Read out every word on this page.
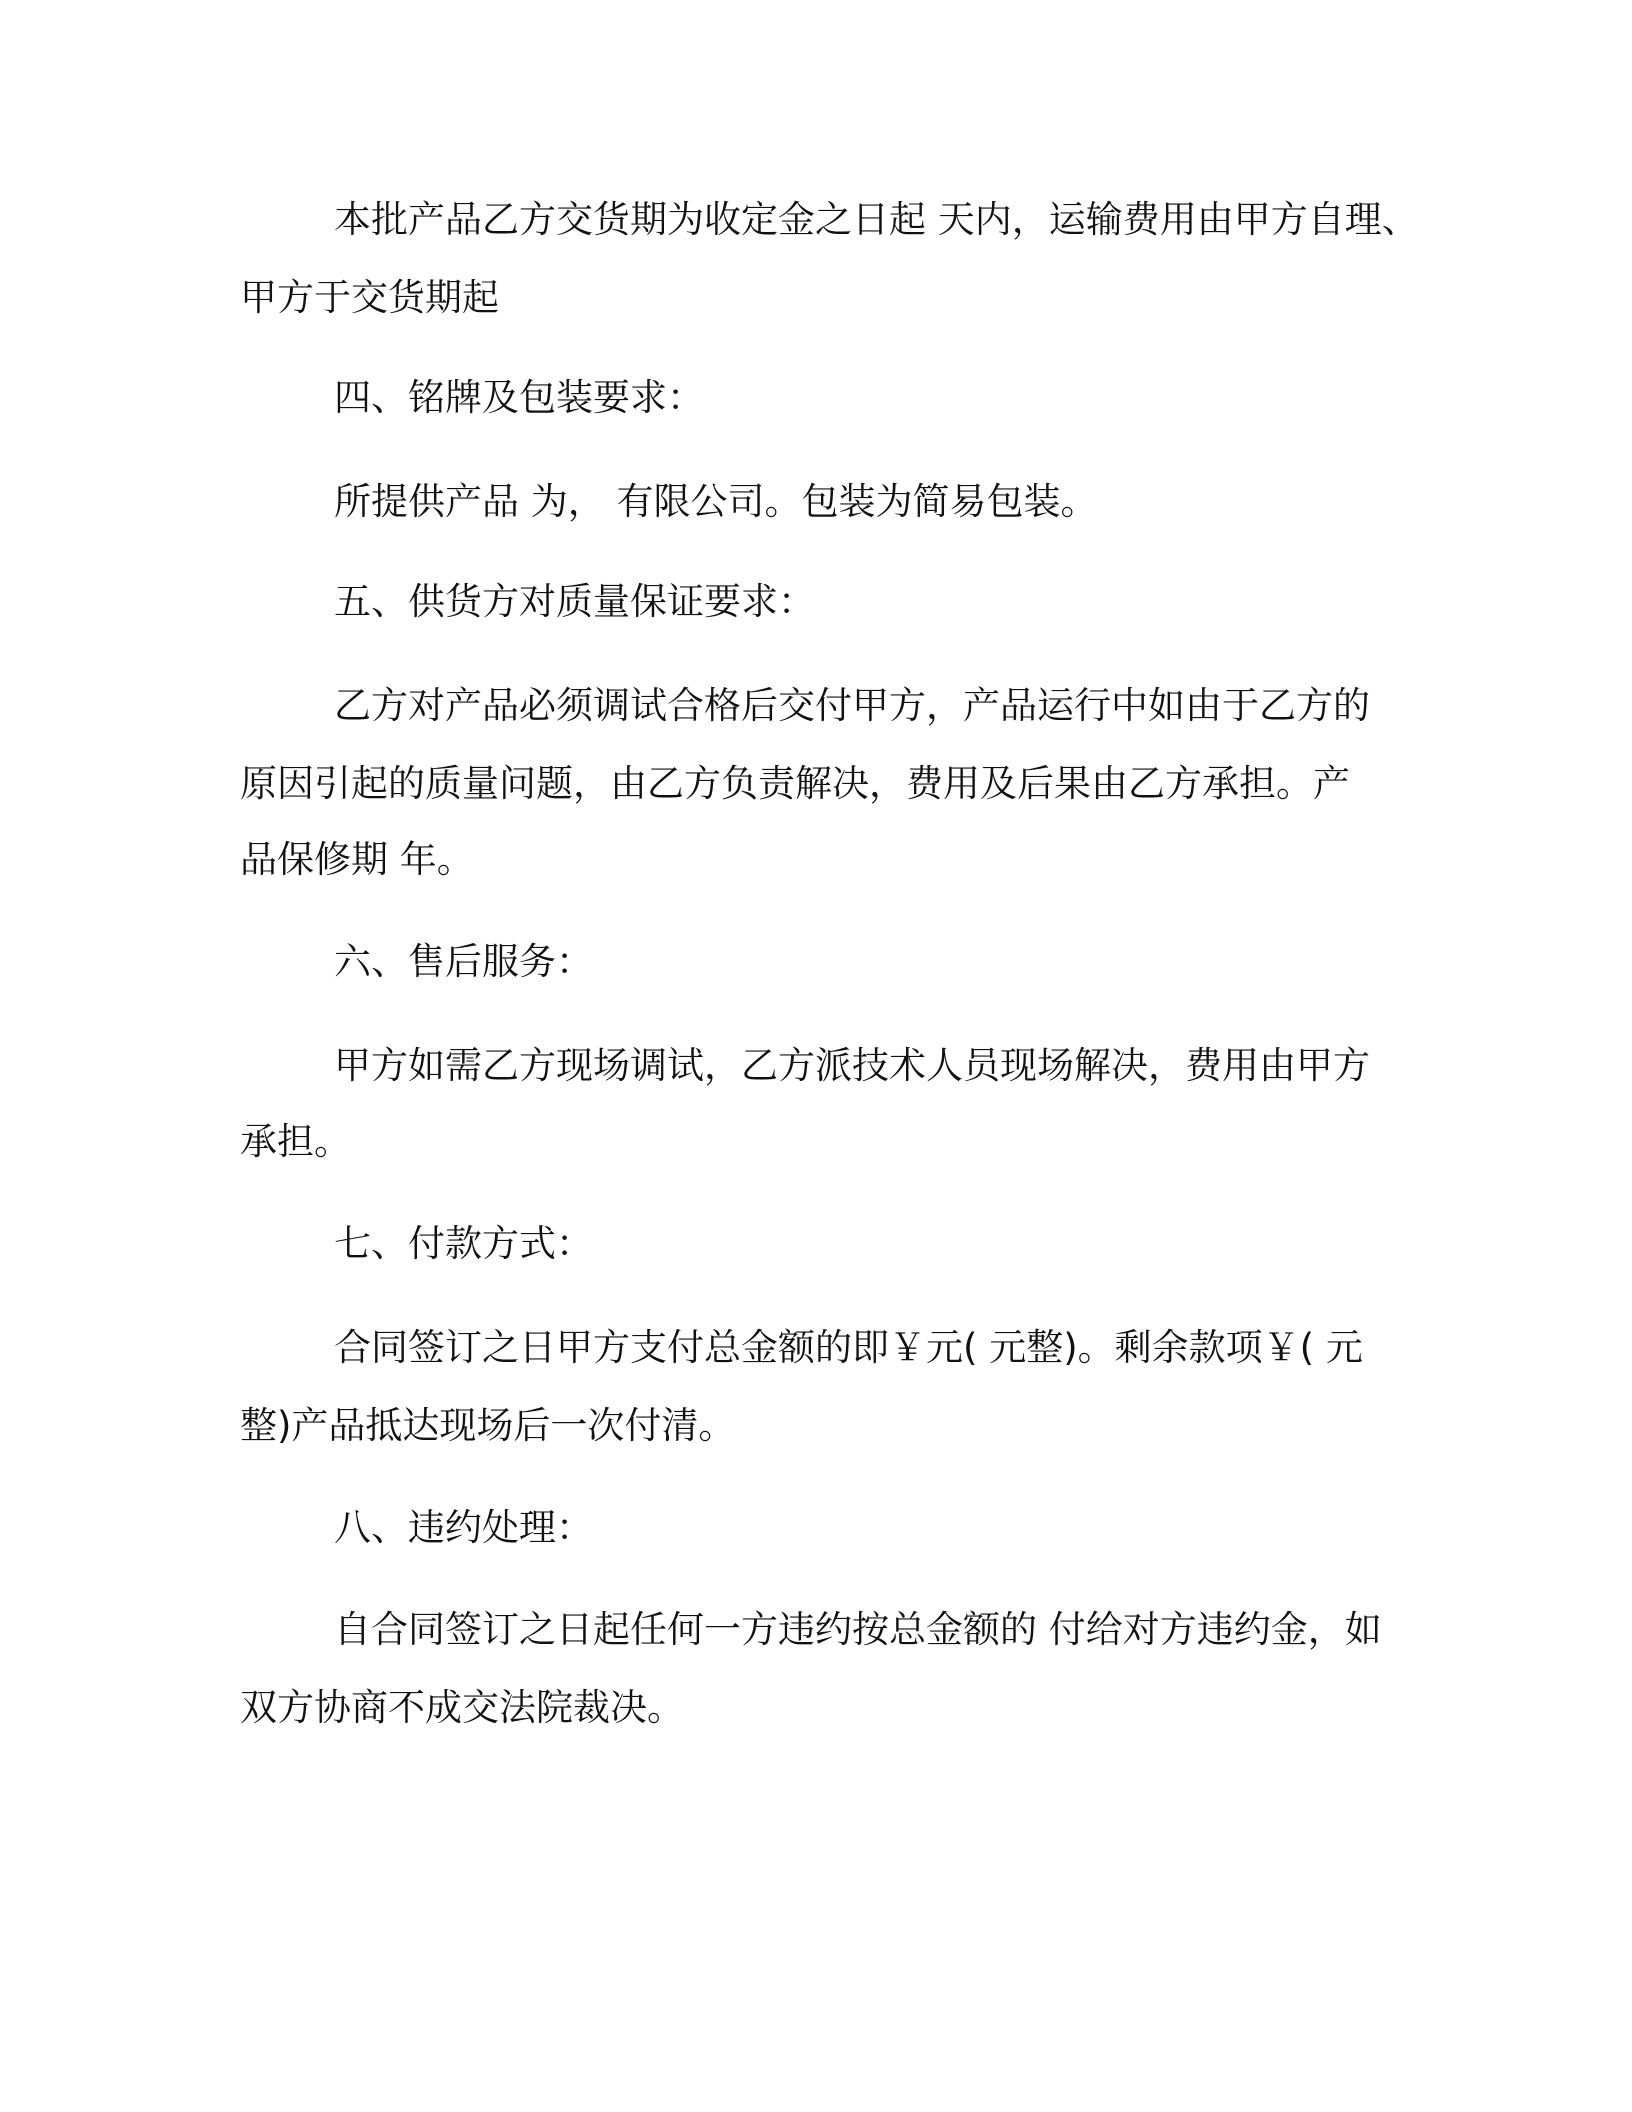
本批产品乙方交货期为收定金之日起 天内，运输费用由甲方自理、
甲方于交货期起
四、铭牌及包装要求：
所提供产品 为， 有限公司。包装为简易包装。
五、供货方对质量保证要求：
乙方对产品必须调试合格后交付甲方，产品运行中如由于乙方的
原因引起的质量问题，由乙方负责解决，费用及后果由乙方承担。产
品保修期 年。
六、售后服务：
甲方如需乙方现场调试，乙方派技术人员现场解决，费用由甲方
承担。
七、付款方式：
合同签订之日甲方支付总金额的即￥元( 元整)。剩余款项￥( 元
整)产品抵达现场后一次付清。
八、违约处理：
自合同签订之日起任何一方违约按总金额的 付给对方违约金，如
双方协商不成交法院裁决。
